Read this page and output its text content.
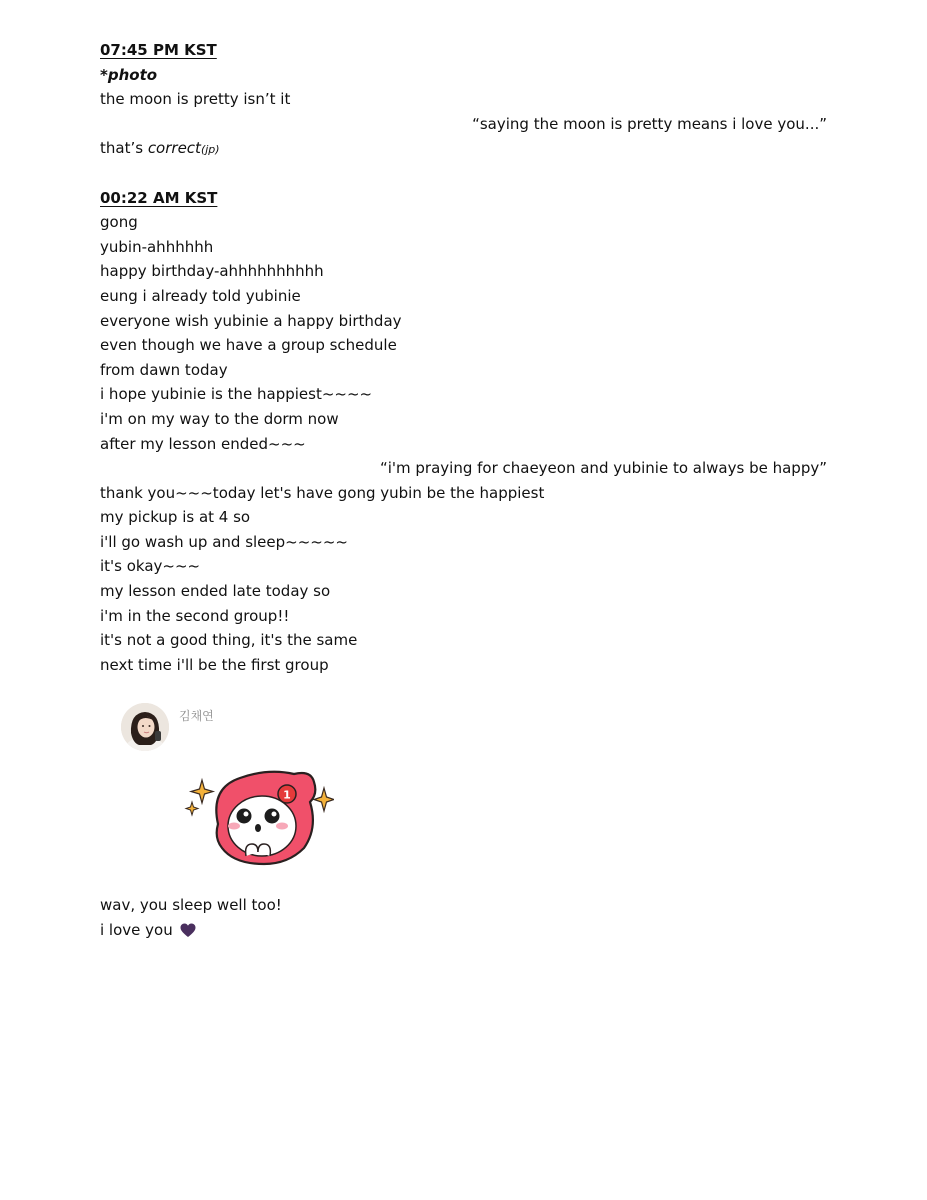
07:45 PM KST
*photo
the moon is pretty isn’t it
“saying the moon is pretty means i love you...”
that’s correct(jp)
00:22 AM KST
gong
yubin-ahhhhhh
happy birthday-ahhhhhhhhhh
eung i already told yubinie
everyone wish yubinie a happy birthday
even though we have a group schedule
from dawn today
i hope yubinie is the happiest~~~~
i'm on my way to the dorm now
after my lesson ended~~~
“i'm praying for chaeyeon and yubinie to always be happy”
thank you~~~today let's have gong yubin be the happiest
my pickup is at 4 so
i'll go wash up and sleep~~~~~
it's okay~~~
my lesson ended late today so
i'm in the second group!!
it's not a good thing, it's the same
next time i'll be the first group
김채연
1
wav, you sleep well too!
i love you
